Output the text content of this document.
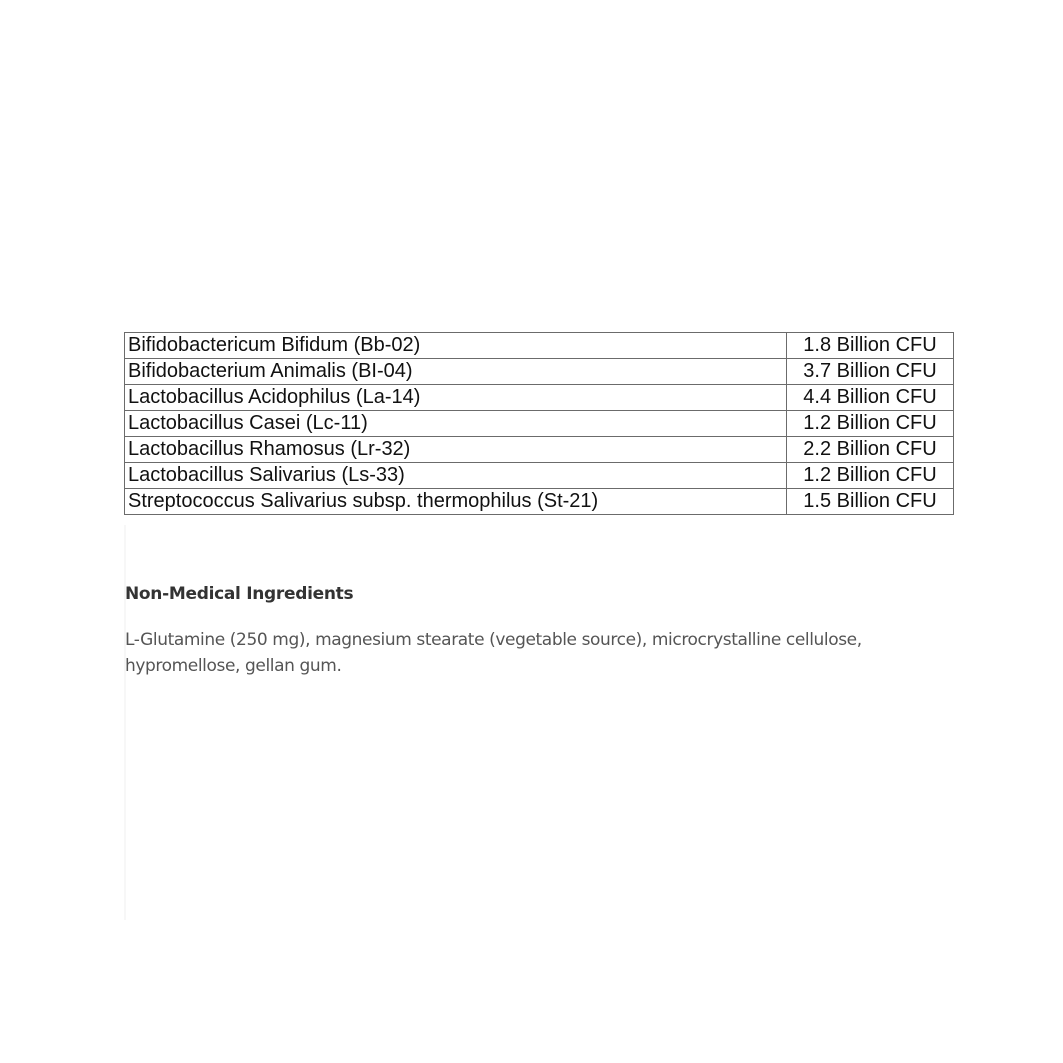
Bifidobactericum Bifidum (Bb-02)	1.8 Billion CFU
Bifidobacterium Animalis (BI-04)	3.7 Billion CFU
Lactobacillus Acidophilus (La-14)	4.4 Billion CFU
Lactobacillus Casei (Lc-11)	1.2 Billion CFU
Lactobacillus Rhamosus (Lr-32)	2.2 Billion CFU
Lactobacillus Salivarius (Ls-33)	1.2 Billion CFU
Streptococcus Salivarius subsp. thermophilus (St-21)	1.5 Billion CFU
Non-Medical Ingredients

L-Glutamine (250 mg), magnesium stearate (vegetable source), microcrystalline cellulose,
hypromellose, gellan gum.
